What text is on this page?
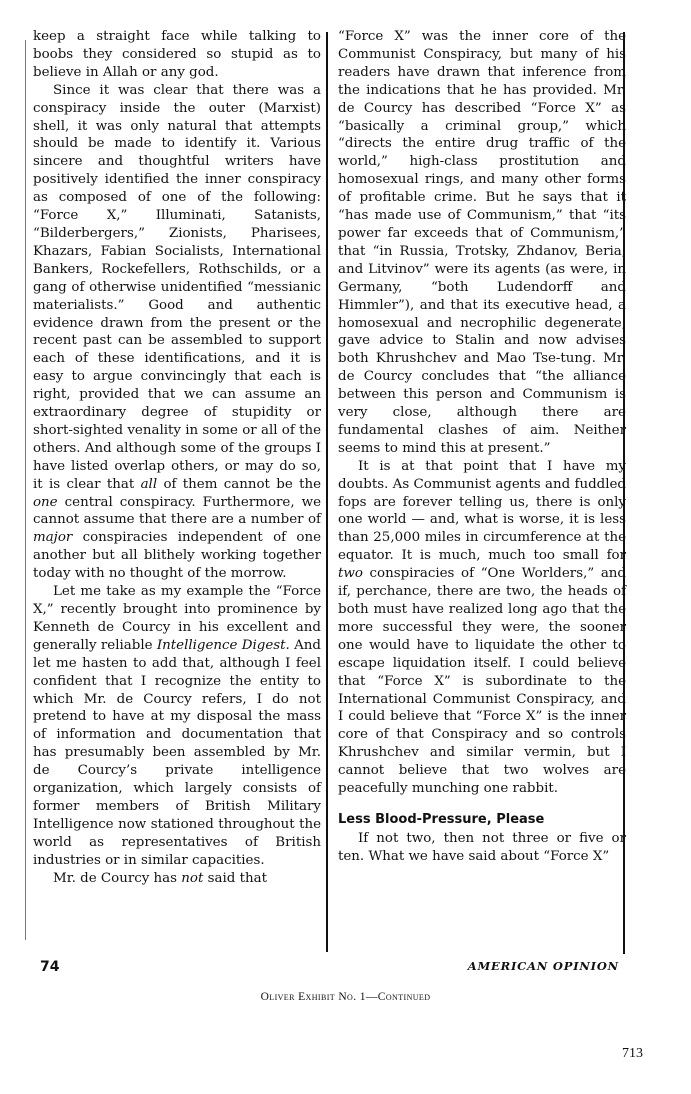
keep a straight face while talking to boobs they considered so stupid as to believe in Allah or any god.

Since it was clear that there was a conspiracy inside the outer (Marxist) shell, it was only natural that attempts should be made to identify it. Various sincere and thoughtful writers have positively identified the inner conspiracy as composed of one of the following: “Force X,” Illuminati, Satanists, “Bilderbergers,” Zionists, Pharisees, Khazars, Fabian Socialists, International Bankers, Rockefellers, Rothschilds, or a gang of otherwise unidentified “messianic materialists.” Good and authentic evidence drawn from the present or the recent past can be assembled to support each of these identifications, and it is easy to argue convincingly that each is right, provided that we can assume an extraordinary degree of stupidity or short-sighted venality in some or all of the others. And although some of the groups I have listed overlap others, or may do so, it is clear that all of them cannot be the one central conspiracy. Furthermore, we cannot assume that there are a number of major conspiracies independent of one another but all blithely working together today with no thought of the morrow.

Let me take as my example the “Force X,” recently brought into prominence by Kenneth de Courcy in his excellent and generally reliable Intelligence Digest. And let me hasten to add that, although I feel confident that I recognize the entity to which Mr. de Courcy refers, I do not pretend to have at my disposal the mass of information and documentation that has presumably been assembled by Mr. de Courcy’s private intelligence organization, which largely consists of former members of British Military Intelligence now stationed throughout the world as representatives of British industries or in similar capacities.

Mr. de Courcy has not said that

“Force X” was the inner core of the Communist Conspiracy, but many of his readers have drawn that inference from the indications that he has provided. Mr. de Courcy has described “Force X” as “basically a criminal group,” which “directs the entire drug traffic of the world,” high-class prostitution and homosexual rings, and many other forms of profitable crime. But he says that it “has made use of Communism,” that “its power far exceeds that of Communism,” that “in Russia, Trotsky, Zhdanov, Beria, and Litvinov” were its agents (as were, in Germany, “both Ludendorff and Himmler”), and that its executive head, a homosexual and necrophilic degenerate, gave advice to Stalin and now advises both Khrushchev and Mao Tse-tung. Mr. de Courcy concludes that “the alliance between this person and Communism is very close, although there are fundamental clashes of aim. Neither seems to mind this at present.”

It is at that point that I have my doubts. As Communist agents and fuddled fops are forever telling us, there is only one world — and, what is worse, it is less than 25,000 miles in circumference at the equator. It is much, much too small for two conspiracies of “One Worlders,” and if, perchance, there are two, the heads of both must have realized long ago that the more successful they were, the sooner one would have to liquidate the other to escape liquidation itself. I could believe that “Force X” is subordinate to the International Communist Conspiracy, and I could believe that “Force X” is the inner core of that Conspiracy and so controls Khrushchev and similar vermin, but I cannot believe that two wolves are peacefully munching one rabbit.

Less Blood-Pressure, Please

If not two, then not three or five or ten. What we have said about “Force X”

74	AMERICAN OPINION
Oliver Exhibit No. 1—Continued
713
